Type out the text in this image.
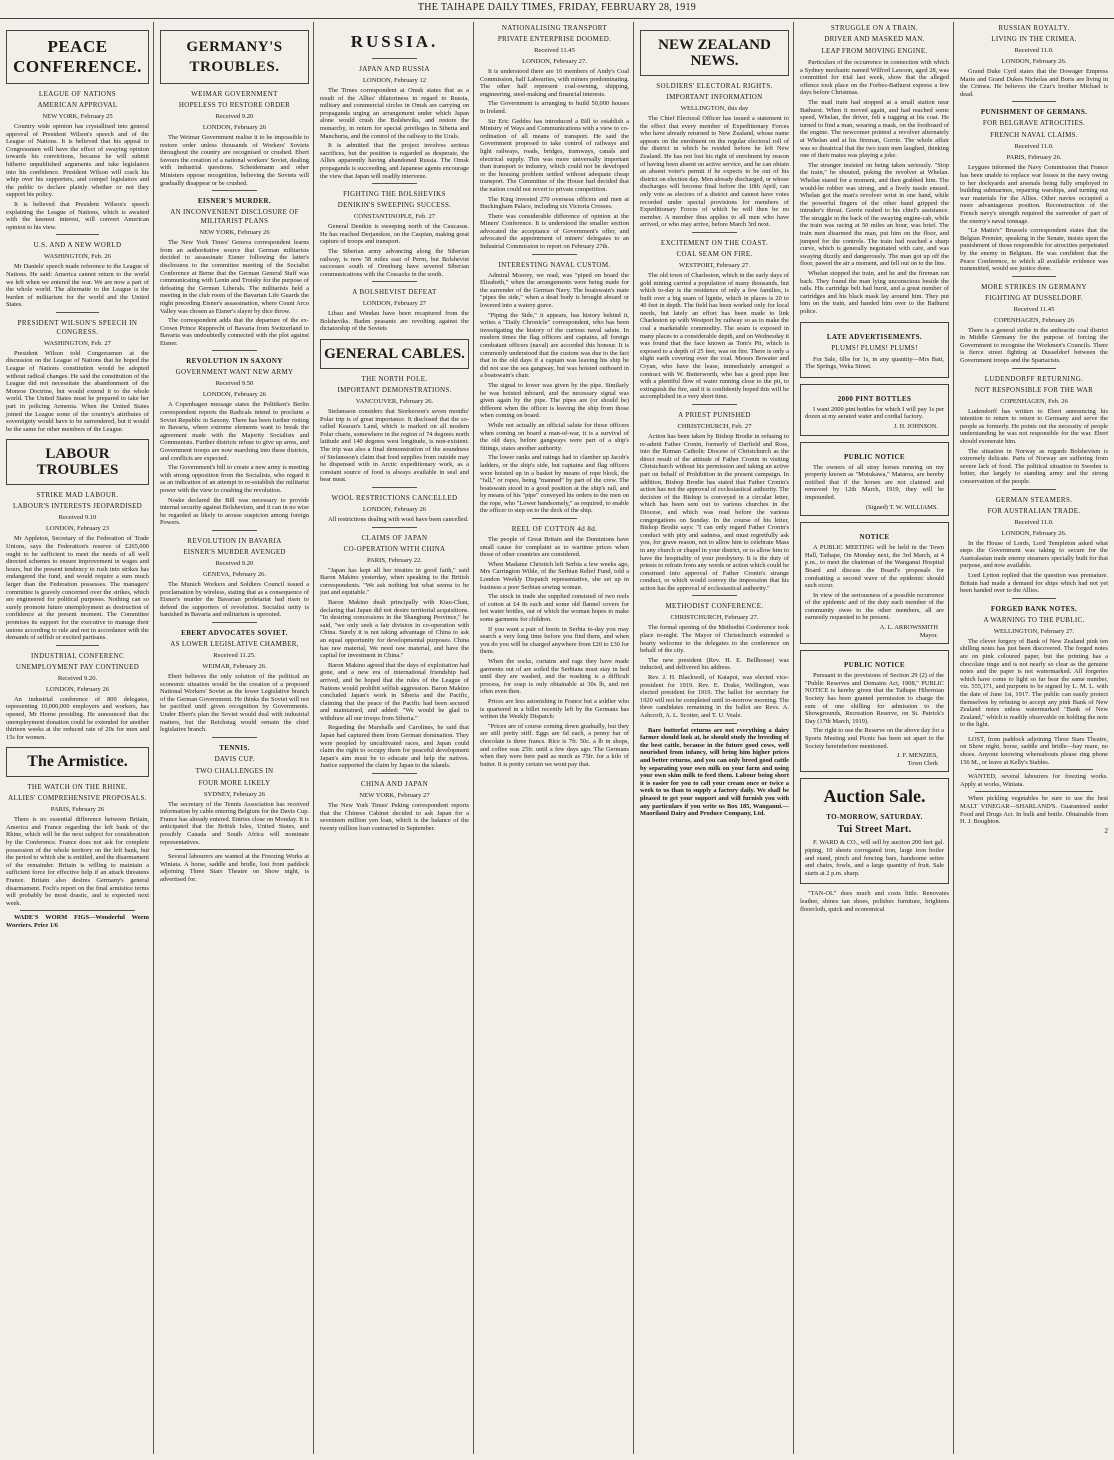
THE TAIHAPE DAILY TIMES, FRIDAY, FEBRUARY 28, 1919
PEACE CONFERENCE.
LEAGUE OF NATIONS
AMERICAN APPROVAL
NEW YORK, February 25

Country wide opinion has crystallised into general approval of President Wilson's speech and of the League of Nations. It is believed that his appeal to Congressmen will have the effect of swaying opinion towards his convictions, because he will submit hitherto unpublished arguments and take legislators into his confidence. President Wilson will crack his whip over his supporters, and compel legislators and the public to declare plainly whether or not they support his policy.

It is believed that President Wilson's speech explaining the League of Nations, which is awaited with the keenest interest, will convert American opinion to his view.

U.S. AND A NEW WORLD
WASHINGTON, Feb. 26

Mr Daniels' speech made reference to the League of Nations. He said: America cannot return to the world we left when we entered the war. We are now a part of the whole world. The alternatie to the League is the burden of militarism for the world and the United States.

PRESIDENT WILSON'S SPEECH IN CONGRESS.
WASHINGTON, Feb. 27

President Wilson told Congressmen at the discussion on the League of Nations that he hoped the League of Nations constitution would be adopted without radical changes. He said the constitution of the League did not necessitate the abandonment of the Monroe Doctrine, but would extend it to the whole world. The United States must be prepared to take her part in policing Armenia. When the United States joined the League some of the country's attributes of sovereignty would have to be surrendered, but it would be the same for other members of the League.

LABOUR TROUBLES
STRIKE MAD LABOUR.
LABOUR'S INTERESTS JEOPARDISED
Received 9.10
LONDON, February 23

Mr Appleton, Secretary of the Federation of Trade Unions, says the Federation's reserve of £265,000 ought to be sufficient to meet the needs of all well directed schemes to ensure improvement in wages and hours, but the present tendency to rush into strikes has endangered the fund, and would require a sum much larger than the Federation possesses. The managers' committee is gravely concerned over the strikes, which are engineered for political purposes. Nothing can so surely promote future unemployment as destruction of confidence at the present moment. The Committee promises its support for the executive to manage their unions according to rule and not in accordance with the demands of selfish or excited partisans.

INDUSTRIAL CONFERENC
UNEMPLOYMENT PAY CONTINUED
Received 9.20.
LONDON, February 26

An industrial conference of 800 delegates, representing 10,000,000 employers and workers, has opened, Mr Horne presiding. He announced that the unemployment donation could be extended for another thirteen weeks at the reduced rate of 20s for men and 15s for women.

The Armistice.
THE WATCH ON THE RHINE.
ALLIES' COMPREHENSIVE PROPOSALS.
PARIS, February 26

There is no essential difference between Britain, America and France regarding the left bank of the Rhine, which will be the next subject for consideration by the Conference. France does not ask for complete possession of the whole territory on the left bank, but the period to which she is entitled, and the disarmament of the remainder. Britain is willing to maintain a sufficient force for effective help if an attack threatens France. Britain also desires Germany's general disarmament. Foch's report on the final armistice terms will probably be most drastic, and is expected next week.

WADE'S WORM FIGS—Wonderful Worm Worriers. Price 1/6

GERMANY'S TROUBLES.
WEIMAR GOVERNMENT
HOPELESS TO RESTORE ORDER
Received 9.20
LONDON, February 26

The Weimar Government realise it to be impossible to restore order unless thousands of Workers' Soviets throughout the country are recognised or crushed. Ebert favours the creation of a national workers' Soviet, dealing with industrial questions. Scheidemann and other Ministers oppose recognition, believing the Soviets will gradually disappear or be crushed.

EISNER'S MURDER.
AN INCONVENIENT DISCLOSURE OF MILITARIST PLANS
NEW YORK, February 26

The New York Times' Geneva correspondent learns from an authoritative source that German militarists decided to assassinate Eisner following the latter's disclosures to the committee meeting of the Socialist Conference at Berne that the German General Staff was communicating with Lenin and Trotsky for the purpose of defeating the German Liberals. The militarists held a meeting in the club room of the Bavarian Life Guards the night preceding Eisner's assassination, where Count Arco Valley was chosen as Eisner's slayer by dice throw.

The correspondent adds that the departure of the ex-Crown Prince Rupprecht of Bavaria from Switzerland to Bavaria was undoubtedly connected with the plot against Eisner.

REVOLUTION IN SAXONY
GOVERNMENT WANT NEW ARMY
Received 9.50
LONDON, February 26

A Copenhagen message states the Politiken's Berlin correspondent reports the Radicals intend to proclaim a Soviet Republic in Saxony. There has been further rioting in Bavaria, where extreme elements want to break the agreement made with the Majority Socialists and Communists. Further districts refuse to give up arms, and Government troops are now marching into these districts, and conflicts are expected.

The Government's bill to create a new army is meeting with strong opposition from the Socialists, who regard it as an indication of an attempt to re-establish the militarist power with the view to crushing the revolution.

Noske declared the Bill was necessary to provide internal security against Bolshevism, and it can in no wise be regarded as likely to arouse suspicion among foreign Powers.

REVOLUTION IN BAVARIA
EISNER'S MURDER AVENGED
Received 9.20
GENEVA, February 26.

The Munich Workers and Soldiers Council issued a proclamation by wireless, stating that as a consequence of Eisner's murder the Bavarian proletariat had risen to defend the supporters of revolution. Socialist unity is banished in Bavaria and militarism is uprooted.

EBERT ADVOCATES SOVIET.
AS LOWER LEGISLATIVE CHAMBER,
Received 11.25.
WEIMAR, February 26.

Ebert believes the only solution of the political an economic situation would be the creation of a proposed National Workers' Soviet as the lower Legislative branch of the German Government. He thinks the Soviet will not be pacified until given recognition by Governments. Under Ebert's plan the Soviet would deal with industrial matters, but the Reichstag would remain the chief legislative branch.

TENNIS.
DAVIS CUP.
TWO CHALLENGES IN
FOUR MORE LIKELY
SYDNEY, February 26

The secretary of the Tennis Association has received information by cable entering Belgium for the Davis Cup. France has already entered. Entries close on Monday. It is anticipated that the British Isles, United States, and possibly Canada and South Africa will nominate representatives.

Several labourers are wanted at the Freezing Works at Winiata. A horse, saddle and bridle, lost from paddock adjoining Three Stars Theatre on Show night, is advertised for.

RUSSIA.
JAPAN AND RUSSIA
LONDON, February 12

The Times correspondent at Omsk states that as a result of the Allies' dilatoriness in regard to Russia, military and commercial circles in Omsk are carrying on propaganda urging an arrangement under which Japan alone would crush the Bolsheviks, and restore the monarchy, in return for special privileges in Siberia and Manchuria, and the control of the railway to the Urals.

It is admitted that the project involves serious sacrifices, but the position is regarded as desperate, the Allies apparently having abandoned Russia. The Omsk propaganda is succeeding, and Japanese agents encourage the view that Japan will readily intervene.

FIGHTING THE BOLSHEVIKS
DENIKIN'S SWEEPING SUCCESS.
CONSTANTINOPLE, Feb. 27

General Denikin is sweeping north of the Caucasus. He has reached Derjanskoe, on the Caspian, making great capture of troops and transport.

The Siberian army advancing along the Siberian railway, is now 58 miles east of Perm, but Bolshevist successes south of Orenburg have severed Siberian communications with the Cossacks in the south.

A BOLSHEVIST DEFEAT
LONDON, February 27

Libau and Windau have been recaptured from the Bolsheviks. Baden peasants are revolting against the dictatorship of the Soviets

GENERAL CABLES.
THE NORTH POLE.
IMPORTANT DEMONSTRATIONS.
VANCOUVER, February 26.

Stefansson considers that Storkerson's seven months' Polar trip is of great importance. It disclosed that the so-called Kearan's Land, which is marked on all modern Polar charts, somewhere in the region of 74 degrees north latitude and 140 degrees west longitude, is non-existent. The trip was also a final demonstration of the soundness of Stefansson's claim that food supplies from outside may be dispensed with in Arctic expeditionary work, as a constant source of food is always available in seal and bear meat.

WOOL RESTRICTIONS CANCELLED
LONDON, February 26

All restrictions dealing with wool have been cancelled.

CLAIMS OF JAPAN
CO-OPERATION WITH CHINA
PARIS, February 22.

"Japan has kept all her treaties in good faith," said Baron Makino yesterday, when speaking to the British correspondents. "We ask nothing but what seems to be just and equitable."

Baron Makino dealt principally with Kiau-Chau, declaring that Japan did not desire territorial acquisitions. "In desiring concessions in the Shangtung Province," he said, "we only seek a fair division in co-operation with China. Surely it is not taking advantage of China to ask an equal opportunity for developmental purposes. China has raw material, We need raw material, and have the capital for investment in China."

Baron Makino agreed that the days of exploitation had gone, and a new era of international friendship had arrived, and he hoped that the rules of the League of Nations would prohibit selfish aggression. Baron Makino concluded Japan's work in Siberia and the Pacific, claiming that the peace of the Pacific had been secured and maintained, and added: "We would be glad to withdraw all our troops from Siberia."

Regarding the Marshalls and Carolines, he said that Japan had captured them from German domination. They were peopled by uncultivated races, and Japan could claim the right to occupy them for peaceful development Japan's aim must be to educate and help the natives. Justice supported the claim by Japan to the islands.

CHINA AND JAPAN
NEW YORK, February 27

The New York Times' Peking correspondent reports that the Chinese Cabinet decided to ask Japan for a seventeen million yen loan, which is the balance of the twenty million loan contracted in September.

NATIONALISING TRANSPORT
PRIVATE ENTERPRISE DOOMED.
Received 11.45
LONDON, February 27.

It is understood there are 16 members of Andy's Coal Commission, half Labourites, with miners predominating. The other half represent coal-owning, shipping, engineering, steel-making and financial interests.

The Government is arranging to build 50,000 houses in Ireland.

Sir Eric Geddes has introduced a Bill to establish a Ministry of Ways and Communications with a view to co-ordination of all means of transport. He said the Government proposed to take control of railways and light railways, roads, bridges, tramways, canals and electrical supply. This was more universally important than transport to industry, which could not be developed or the housing problem settled without adequate cheap transport. The Committee of the House had decided that the nation could not revert to private competition.

The King invested 270 overseas officers and men at Buckingham Palace, including six Victoria Crosses.

There was considerable difference of opinion at the Miners' Conference. It is understood the smaller section advocated the acceptance of Government's offer, and advocated the appointment of miners' delegates to an Industrial Commission to report on February 27th.

INTERESTING NAVAL CUSTOM.

Admiral Moorey, we read, was "piped on board the Elizabeth," when the arrangements were being made for the surrender of the German Navy. The boatswain's mate "pipes the side," when a dead body is brought aboard or lowered into a watery grave.

"Piping the Side," it appears, has history behind it, writes a "Daily Chronicle" correspondent, who has been investigating the history of the curious naval salute. In modern times the flag officers and captains, all foreign combatant officers (naval) are accorded this honour. It is commonly understood that the custom was due to the fact that in the old days if a captain was leaving his ship he did not use the sea gangway, but was hoisted outboard in a boatswain's chair.

The signal to lower was given by the pipe. Similarly he was hoisted inboard, and the necessary signal was given again by the pipe. The pipes are (or should be) different when the officer is leaving the ship from those when coming on board.

While not actually an official salute for those officers when coming on board a man-of-war, it is a survival of the old days, before gangways were part of a ship's fittings, states another authority.

The lower ranks and ratings had to clamber up Jacob's ladders, or the ship's side, but captains and flag officers were hoisted up in a basket by means of rope block, the "fall," or ropes, being "manned" by part of the crew. The boatswain stood in a good position at the ship's rail, and by means of his "pipe" conveyed his orders to the men on the rope, who "Lower handsomely," as required, to enable the officer to step on to the deck of the ship.

REEL OF COTTON 4d 8d.

The people of Great Britain and the Dominions have small cause for complaint as to wartime prices when those of other countries are considered.

When Madame Christich left Serbia a few weeks ago, Mrs Carrington Wilde, of the Serbian Relief Fund, told a London Weekly Dispatch representative, she set up in business a poor Serbian sewing woman.

The stock in trade she supplied consisted of two reels of cotton at £4 8s each and some old flannel covers for hot water bottles, out of which the woman hopes to make some garments for children.

If you want a pair of boots in Serbia to-day you may search a very long time before you find them, and when you do you will be charged anywhere from £20 to £30 for them.

When the socks, curtains and rags they have made garments out of are soiled the Serbians must stay in bed until they are washed, and the washing is a difficult process, for soap is only obtainable at 30s lb, and not often even then.

Prices are less astonishing in France but a soldier who is quartered in a billet recently left by the Germans has written the Weekly Dispatch:

"Prices are of course coming down gradually, but they are still pretty stiff. Eggs are 6d each, a penny bar of chocolate is three francs. Rice is 7fr. 50c. a lb in shops, and coffee was 25fr. until a few days ago. The Germans when they were here paid as much as 75fr. for a kilo of butter. It is pretty certain we wont pay that.

NEW ZEALAND NEWS.
SOLDIERS' ELECTORAL RIGHTS.
IMPORTANT INFORMATION
WELLINGTON, this day

The Chief Electoral Officer has issued a statement to the effect that every member of Expeditionary Forces who have already returned to New Zealand, whose name appears on the enrolment on the regular electoral roll of the district in which he resided before he left New Zealand. He has not lost his right of enrolment by reason of having been absent on active service, and he can obtain an absent voter's permit if he expects to be out of his district on election day. Men already discharged, or whose discharges will become final before the 10th April, can only vote as electors of a district and cannot have votes recorded under special provisions for members of Expeditionary Forces of which he will then be no member. A member thus applies to all men who have arrived, or who may arrive, before March 3rd next.

EXCITEMENT ON THE COAST.
COAL SEAM ON FIRE.
WESTPORT, February 27.

The old town of Charleston, which in the early days of gold mining carried a population of many thousands, but which to-day is the residence of only a few families, is built over a big seam of lignite, which in places is 20 to 40 feet in depth. The field has been worked only for local needs, but lately an effort has been made to link Charleston up with Westport by railway so as to make the coal a marketable commodity. The seam is exposed in many places to a considerable depth, and on Wednesday it was found that the face known as Tom's Pit, which is exposed to a depth of 25 feet, was on fire. There is only a slight earth covering over the coal. Messrs Bowater and Cryan, who have the lease, immediately arranged a contract with W. Butterworth, who has a good pipe line with a plentiful flow of water running close to the pit, to extinguish the fire, and it is confidently hoped this will be accomplished in a very short time.

A PRIEST PUNISHED
CHRISTCHURCH, Feb. 27

Action has been taken by Bishop Brodie in refusing to re-admit Father Cronin, formerly of Darfield and Ross, into the Roman Catholic Diocese of Christchurch as the direct result of the attitude of Father Cronin in visiting Christchurch without his permission and taking an active part on behalf of Prohibition in the present campaign. In addition, Bishop Brodie has stated that Father Cronin's action has not the approval of ecclesiastical authority. The decision of the Bishop is conveyed in a circular letter, which has been sent out to various churches in the Diocese, and which was read before the various congregations on Sunday. In the course of his letter, Bishop Brodie says: "I can only regard Father Cronin's conduct with pity and sadness, and must regretfully ask you, for grave reason, not to allow him to celebrate Mass in any church or chapel in your district, or to allow him to have the hospitality of your presbytery. It is the duty of priests to refrain from any words or action which could be construed into approval of Father Cronin's strange conduct, or which would convey the impression that his action has the approval of ecclesiastical authority."

METHODIST CONFERENCE.
CHRISTCHURCH, February 27.

The formal opening of the Methodist Conference took place to-night. The Mayor of Christchurch extended a hearty welcome to the delegates to the conference on behalf of the city.

The new president (Rev. H. E. Bellhouse) was inducted, and delivered his address.

Rev. J. H. Blackwell, of Kaiapoi, was elected vice-president for 1919. Rev. E. Drake, Wellington, was elected president for 1919. The ballot for secretary for 1920 will not be completed until to-morrow morning. The three candidates remaining in the ballot are Revs. A. Ashcroft, A. L. Scotter, and T. U. Veale.

Bare butterfat returns are not everything a dairy farmer should look at, he should study the breeding of the best cattle, because in the future good cows, well nourished from infancy, will bring him higher prices and better returns, and you can only breed good cattle by separating your own milk on your farm and using your own skim milk to feed them. Labour being short it is easier for you to call your cream once or twice a week to us than to supply a factory daily. We shall be pleased to get your support and will furnish you with any particulars if you write us Box 185, Wanganui.—Maoriland Dairy and Produce Company, Ltd.

STRUGGLE ON A TRAIN.
DRIVER AND MASKED MAN.
LEAP FROM MOVING ENGINE.

Particulars of the occurrence in connection with which a Sydney mechanic named Wilfred Lawson, aged 28, was committed for trial last week, show that the alleged offence took place on the Forbes-Bathurst express a few days before Christmas.

The mail train had stopped at a small station near Bathurst. When it moved again, and had reached some speed, Whelan, the driver, felt a tugging at his coat. He turned to find a man, wearing a mask, on the footboard of the engine. The newcomer pointed a revolver alternately at Whelan and at his fireman, Gorrie. The whole affair was so theatrical that the two train men laughed, thinking one of their mates was playing a joke.

The stranger insisted on being taken seriously. "Stop the train," he shouted, poking the revolver at Whelan. Whelan stared for a moment, and then grabbed him. The would-be robber was strong, and a lively tussle ensued. Whelan got the man's revolver wrist in one hand, while the powerful fingers of the other hand gripped the intruder's throat. Gorrie rushed to his chief's assistance. The struggle in the back of the swaying engine-cab, while the train was racing at 50 miles an hour, was brief. The train men disarmed the man, put him on the floor, and jumped for the controls. The train had reached a sharp curve, which is generally negotiated with care, and was swaying dizzily and dangerously. The man got up off the floor, pawed the air a moment, and fell out on to the line.

Whelan stopped the train, and he and the fireman ran back. They found the man lying unconscious beside the rails. His cartridge belt had burst, and a great number of cartridges and his black mask lay around him. They put him on the train, and handed him over to the Bathurst police.

LATE ADVERTISEMENTS.
PLUMS! PLUMS! PLUMS!

For Sale, 6lbs for 1s, in any quantity—Mrs Batt, The Springs, Weka Street.

2000 PINT BOTTLES

I want 2000 pint bottles for which I will pay 1s per dozen at my aerated water and cordial factory.

J. H. JOHNSON.
PUBLIC NOTICE

The owners of all stray horses running on my property known as "Motukawa," Mataroa, are hereby notified that if the horses are not claimed and removed by 12th March, 1919, they will be impounded.

(Signed) T. W. WILLIAMS.
NOTICE

A PUBLIC MEETING will be held in the Town Hall, Taihape, On Monday next, the 3rd March, at 4 p.m., to meet the chairman of the Wanganui Hospital Board and discuss the Board's proposals for combatting a second wave of the epidemic should such occur.

In view of the seriousness of a possible recurrence of the epidemic and of the duty each member of the community owes to the other members, all are earnestly requested to be present.

A. L. ARROWSMITH
Mayor.
PUBLIC NOTICE

Pursuant to the provisions of Section 29 (2) of the "Public Reserves and Domains Act, 1908," PUBLIC NOTICE is hereby given that the Taihape Hibernian Society has been granted permission to charge the sum of one shilling for admission to the Showgrounds, Recreation Reserve, on St. Patrick's Day (17th March, 1919).

The right to use the Reserve on the above day for a Sports Meeting and Picnic has been set apart to the Society hereinbefore mentioned.

J. F. MENZIES,
Town Clerk
Auction Sale.
TO-MORROW, SATURDAY.
Tui Street Mart.

F. WARD & CO., will sell by auction 200 feet gal. piping, 10 sheets corrugated iron, large iron boiler and stand, pinch and fencing bars, handsome settee and chairs, fowls, and a large quantity of fruit. Sale starts at 2 p.m. sharp.

"TAN-OL" does much and costs little. Renovates leather, shines tan shoes, polishes furniture, brightens floorcloth, quick and economical

RUSSIAN ROYALTY.
LIVING IN THE CRIMEA.
Received 11.0.
LONDON, February 26.

Grand Duke Cyril states that the Dowager Empress Marie and Grand Dukes Nicholas and Boris are living in the Crimea. He believes the Czar's brother Michael is dead.

PUNISHMENT OF GERMANS.
FOR BELGRAVE ATROCITIES.
FRENCH NAVAL CLAIMS.
Received 11.0.
PARIS, February 26.

Leygues informed the Navy Commission that France has been unable to replace war losses in the navy owing to her dockyards and arsenals being fully employed in building submarines, repairing warships, and turning out war materials for the Allies. Other navies occupied a more advantageous position. Reconstruction of the French navy's strength required the surrender of part of the enemy's naval tonnage.

"Le Matin's" Brussels correspondent states that the Belgian Premier, speaking in the Senate, insists upon the punishment of those responsible for atrocities perpetrated by the enemy in Belgium. He was confident that the Peace Conference, to which all available evidence was transmitted, would see justice done.

MORE STRIKES IN GERMANY
FIGHTING AT DUSSELDORF.
Received 11.45
COPENHAGEN, February 26

There is a general strike in the anthracite coal district in Middle Germany for the purpose of forcing the Government to recognise the Workmen's Councils. There is fierce street fighting at Dusseldorf between the Government troops and the Spartacists.

LUDENDORFF RETURNING.
NOT RESPONSIBLE FOR THE WAR
COPENHAGEN, Feb. 26

Ludendorff has written to Ebert announcing his intention to return to return to Germany and serve the people as formerly. He points out the necessity of people understanding he was not responsible for the war. Ebert should exonerate him.

The situation in Norway as regards Bolshevism is extremely delicate. Parts of Norway are suffering from severe lack of food. The political situation in Sweden is better, due largely to standing army and the strong conservatism of the people.

GERMAN STEAMERS.
FOR AUSTRALIAN TRADE.
Received 11.0.
LONDON, February 26.

In the House of Lords, Lord Templeton asked what steps the Government was taking to secure for the Australasian trade enemy steamers specially built for that purpose, and now available.

Lord Lytton replied that the question was premature. Britain had made a demand for ships which had not yet been handed over to the Allies.

FORGED BANK NOTES.
A WARNING TO THE PUBLIC.
WELLINGTON, February 27.

The clever forgery of Bank of New Zealand pink ten shilling notes has just been discovered. The forged notes are on pink coloured paper, but the printing has a chocolate tinge and is not nearly so clear as the genuine notes and the paper is not watermarked. All forgeries which have come to light so far bear the same number, viz. 555,171, and purports to be signed by L. M. L. with the date of June 1st, 1917. The public can easily protect themselves by refusing to accept any pink Bank of New Zealand notes unless watermarked "Bank of New Zealand," which is readily observable on holding the note to the light.

LOST, from paddock adjoining Three Stars Theatre, on Show night, horse, saddle and bridle—bay mare, no shoes. Anyone knowing whereabouts please ring phone 156 M., or leave at Kelly's Stables.

WANTED, several labourers for freezing works. Apply at works, Winiata.

When pickling vegetables be sure to use the best MALT VINEGAR—SHARLAND'S. Guaranteed under Food and Drugs Act. In bulk and bottle. Obtainable from H. J. Boughton.

2
